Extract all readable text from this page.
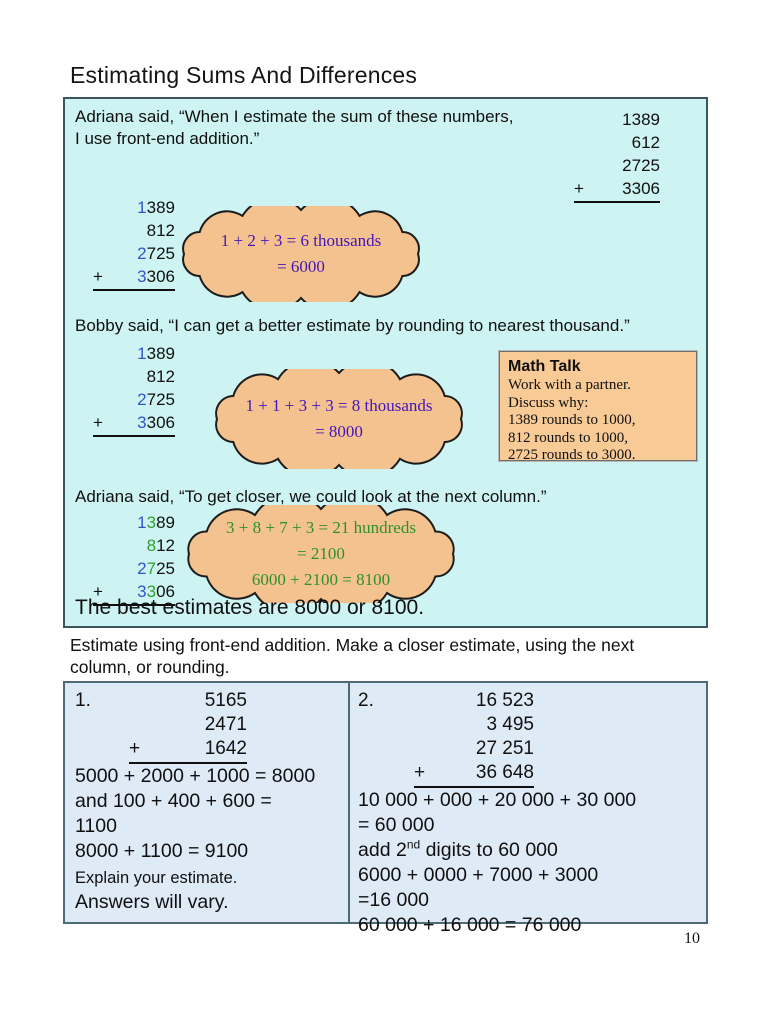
Estimating Sums And Differences
Adriana said, “When I estimate the sum of these numbers,
I use front-end addition.”
1389
612
2725
+ 3306
1389
812
2725
+ 3306
1 + 2 + 3 = 6 thousands
= 6000
Bobby said, “I can get a better estimate by rounding to nearest thousand.”
1389
812
2725
+ 3306
1 + 1 + 3 + 3 = 8 thousands
= 8000
Math Talk
Work with a partner.
Discuss why:
1389 rounds to 1000,
812 rounds to 1000,
2725 rounds to 3000.
Adriana said, “To get closer, we could look at the next column.”
1389
812
2725
+ 3306
3 + 8 + 7 + 3 = 21 hundreds
= 2100
6000 + 2100 = 8100
The best estimates are 8000 or 8100.
Estimate using front-end addition. Make a closer estimate, using the next
column, or rounding.
1.	5165
2471
+	1642

5000 + 2000 + 1000 = 8000

and 100 + 400 + 600 =

1100

8000 + 1100 = 9100

Explain your estimate.

Answers will vary.

2.	16 523
3 495
27 251
+	36 648

10 000 + 000 + 20 000 + 30 000

= 60 000

add 2nd digits to 60 000

6000 + 0000 + 7000 + 3000

=16 000

60 000 + 16 000 = 76 000

10
